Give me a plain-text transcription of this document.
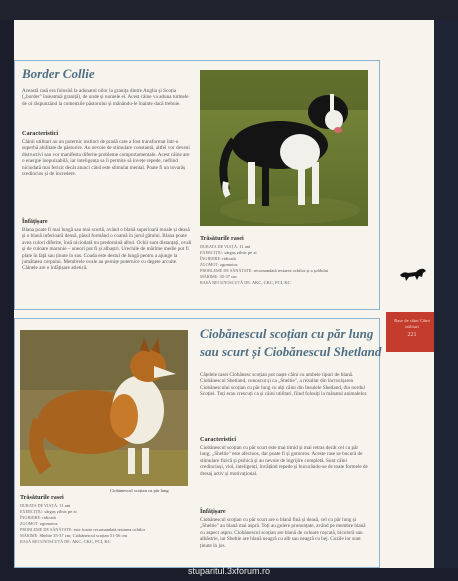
Border Collie

Această rasă era folosită la adunatul oilor la granița dintre Anglia și Scoția („border" înseamnă graniță), de unde și numele ei. Acest câine va aduna turmele de oi răspunzând la comenzile păstorului și mânându-le înainte dacă trebuie.

Caracteristici

Câinii utilitari au un puternic instinct de pradă care a fost transformat într-o superbă abilitate de păstorire. Au nevoie de stimulare constantă, altfel vor deveni distructivi sau vor manifesta diferite probleme comportamentale. Acest câine are o energie inepuizabilă, iar inteligența sa îi permite să învețe repede, nefiind niciodată mai fericit decât atunci când este stimulat mental. Poate fi un tovarăș credincios și de încredere.

Înfățișare

Blana poate fi mai lungă sau mai scurtă, având o blană superioară moale și deasă și o blană inferioară densă, păsul formând o coamă în jurul gâtului. Blana poate avea culori diferite, însă niciodată nu predomină albul. Ochii sunt distanțați, ovali și de culoare maronie – uneori pot fi și albaștri. Urechile de mărime medie pot fi plate în față sau ținute în sus. Coada este destul de lungă pentru a ajunge la jumătatea corpului. Membrele ovale au pernițe puternice cu degete arcuite. Câinele are o înfățișare atletică.

Trăsăturile rasei
DURATA DE VIAȚĂ: 11 ani
EXERCIȚIU: sârguș zilnic pe zi
ÎNGRIJIRE: ridicată
ZGOMOT: zgomotos
PROBLEME DE SĂNĂTATE: recomandată testarea ochilor și a șoldului
MĂRIME: 35-37 cm
RASĂ RECUNOSCUTĂ DE: AKC, CKC, FCI, KC
Rase de câini Câini utilitari
221
Ciobănescul scoțian cu păr lung
sau scurt și Ciobănescul Shetland

Cățelele rasei Ciobănesc scoțian pot naște câini cu ambele tipuri de blană. Ciobănescul Shetland, cunoscut și ca „Sheltie", a rezultat din încrucișarea Ciobănescului scoțian cu păr lung cu alți câini din Insulele Shetland, din nordul Scoției. Toți erau crescuți ca și câini utilitari, fiind folosiți la mânatul animalelor.

Caracteristici

Ciobănescul scoțian cu păr scurt este mai timid și mai retras decât cel cu păr lung; „Sheltie" este afectuos, dar poate fi și gomoros. Aceste rase se bucură de stimulare fizică și psihică și au nevoie de îngrijire completă. Sunt câini credincioși, vioi, inteligenți, învățând repede și bucurându-se de toate formele de dresaj activ și motivațional.

Înfățișare

Ciobănescul scoțian cu păr scurt are o blană fină și deasă, cel cu păr lung și „Sheltie" au blană mai aspră. Toți au gulere pronunțate, având pe membre blană cu aspect aspru. Ciobănescul scoțian are blană de culoare roșcată, bicoloră sau albăstrie, iar Sheltie are blană neagră cu alb sau neagră cu bej. Cozile lor sunt ținute în jos.

Ciobănescul scoțian cu păr lung
Trăsăturile rasei
DURATA DE VIAȚĂ: 11 ani
EXERCIȚIU: sârguș zilnic pe zi
ÎNGRIJIRE: ridicată
ZGOMOT: zgomotos
PROBLEME DE SĂNĂTATE: este foarte recomandată testarea ochilor
MĂRIME: Sheltie 35-37 cm; Ciobănescul scoțian 51-56 cm
RASĂ RECUNOSCUTĂ DE: AKC, CKC, FCI, KC
stuparitul.3xforum.ro
